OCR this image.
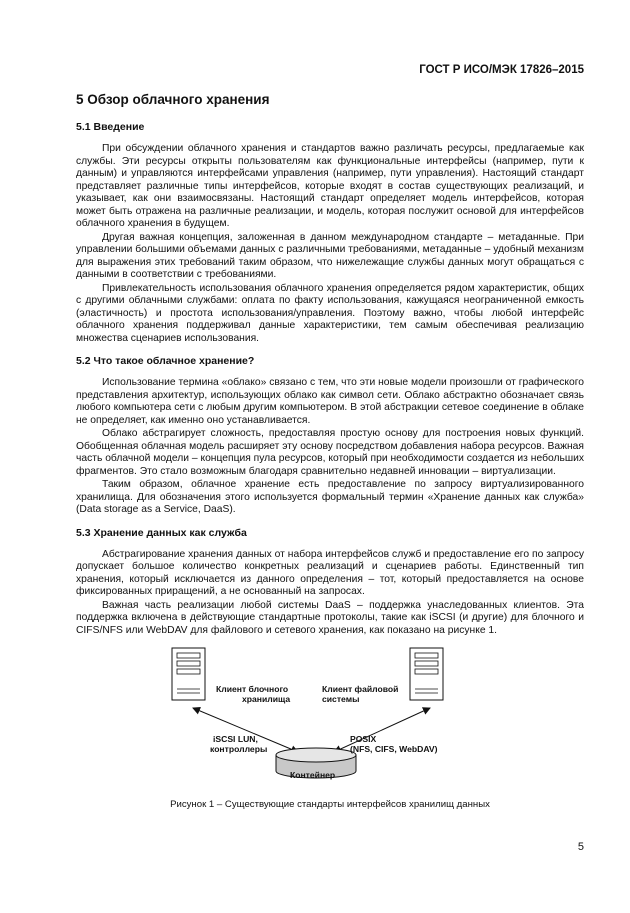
ГОСТ Р ИСО/МЭК 17826–2015
5 Обзор облачного хранения
5.1 Введение

При обсуждении облачного хранения и стандартов важно различать ресурсы, предлагаемые как службы. Эти ресурсы открыты пользователям как функциональные интерфейсы (например, пути к данным) и управляются интерфейсами управления (например, пути управления). Настоящий стандарт представляет различные типы интерфейсов, которые входят в состав существующих реализаций, и указывает, как они взаимосвязаны. Настоящий стандарт определяет модель интерфейсов, которая может быть отражена на различные реализации, и модель, которая послужит основой для интерфейсов облачного хранения в будущем.

Другая важная концепция, заложенная в данном международном стандарте – метаданные. При управлении большими объемами данных с различными требованиями, метаданные – удобный механизм для выражения этих требований таким образом, что нижележащие службы данных могут обращаться с данными в соответствии с требованиями.

Привлекательность использования облачного хранения определяется рядом характеристик, общих с другими облачными службами: оплата по факту использования, кажущаяся неограниченной емкость (эластичность) и простота использования/управления. Поэтому важно, чтобы любой интерфейс облачного хранения поддерживал данные характеристики, тем самым обеспечивая реализацию множества сценариев использования.

5.2 Что такое облачное хранение?

Использование термина «облако» связано с тем, что эти новые модели произошли от графического представления архитектур, использующих облако как символ сети. Облако абстрактно обозначает связь любого компьютера сети с любым другим компьютером. В этой абстракции сетевое соединение в облаке не определяет, как именно оно устанавливается.

Облако абстрагирует сложность, предоставляя простую основу для построения новых функций. Обобщенная облачная модель расширяет эту основу посредством добавления набора ресурсов. Важная часть облачной модели – концепция пула ресурсов, который при необходимости создается из небольших фрагментов. Это стало возможным благодаря сравнительно недавней инновации – виртуализации.

Таким образом, облачное хранение есть предоставление по запросу виртуализированного хранилища. Для обозначения этого используется формальный термин «Хранение данных как служба» (Data storage as a Service, DaaS).

5.3 Хранение данных как служба

Абстрагирование хранения данных от набора интерфейсов служб и предоставление его по запросу допускает большое количество конкретных реализаций и сценариев работы. Единственный тип хранения, который исключается из данного определения – тот, который предоставляется на основе фиксированных приращений, а не основанный на запросах.

Важная часть реализации любой системы DaaS – поддержка унаследованных клиентов. Эта поддержка включена в действующие стандартные протоколы, такие как iSCSI (и другие) для блочного и CIFS/NFS или WebDAV для файлового и сетевого хранения, как показано на рисунке 1.

Клиент блочного
хранилища
Клиент файловой
системы
iSCSI LUN,
контроллеры
POSIX
(NFS, CIFS, WebDAV)
Контейнер
Рисунок 1 – Существующие стандарты интерфейсов хранилищ данных
5
